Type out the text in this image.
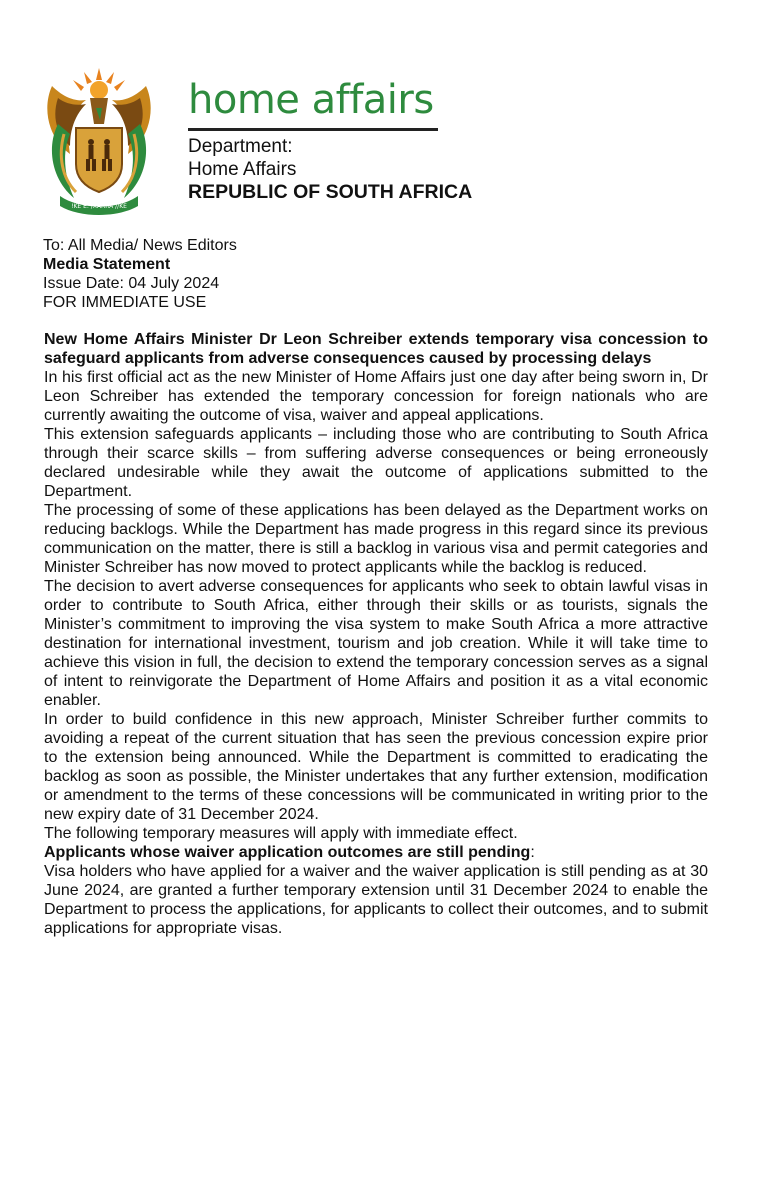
!KE E: /XARRA //KE
home affairs
Department:
Home Affairs
REPUBLIC OF SOUTH AFRICA
To: All Media/ News Editors
Media Statement
Issue Date: 04 July 2024
FOR IMMEDIATE USE

New Home Affairs Minister Dr Leon Schreiber extends temporary visa concession to safeguard applicants from adverse consequences caused by processing delays

In his first official act as the new Minister of Home Affairs just one day after being sworn in, Dr Leon Schreiber has extended the temporary concession for foreign nationals who are currently awaiting the outcome of visa, waiver and appeal applications.

This extension safeguards applicants – including those who are contributing to South Africa through their scarce skills – from suffering adverse consequences or being erroneously declared undesirable while they await the outcome of applications submitted to the Department.

The processing of some of these applications has been delayed as the Department works on reducing backlogs. While the Department has made progress in this regard since its previous communication on the matter, there is still a backlog in various visa and permit categories and Minister Schreiber has now moved to protect applicants while the backlog is reduced.

The decision to avert adverse consequences for applicants who seek to obtain lawful visas in order to contribute to South Africa, either through their skills or as tourists, signals the Minister’s commitment to improving the visa system to make South Africa a more attractive destination for international investment, tourism and job creation. While it will take time to achieve this vision in full, the decision to extend the temporary concession serves as a signal of intent to reinvigorate the Department of Home Affairs and position it as a vital economic enabler.

In order to build confidence in this new approach, Minister Schreiber further commits to avoiding a repeat of the current situation that has seen the previous concession expire prior to the extension being announced. While the Department is committed to eradicating the backlog as soon as possible, the Minister undertakes that any further extension, modification or amendment to the terms of these concessions will be communicated in writing prior to the new expiry date of 31 December 2024.

The following temporary measures will apply with immediate effect.

Applicants whose waiver application outcomes are still pending:

Visa holders who have applied for a waiver and the waiver application is still pending as at 30 June 2024, are granted a further temporary extension until 31 December 2024 to enable the Department to process the applications, for applicants to collect their outcomes, and to submit applications for appropriate visas.
